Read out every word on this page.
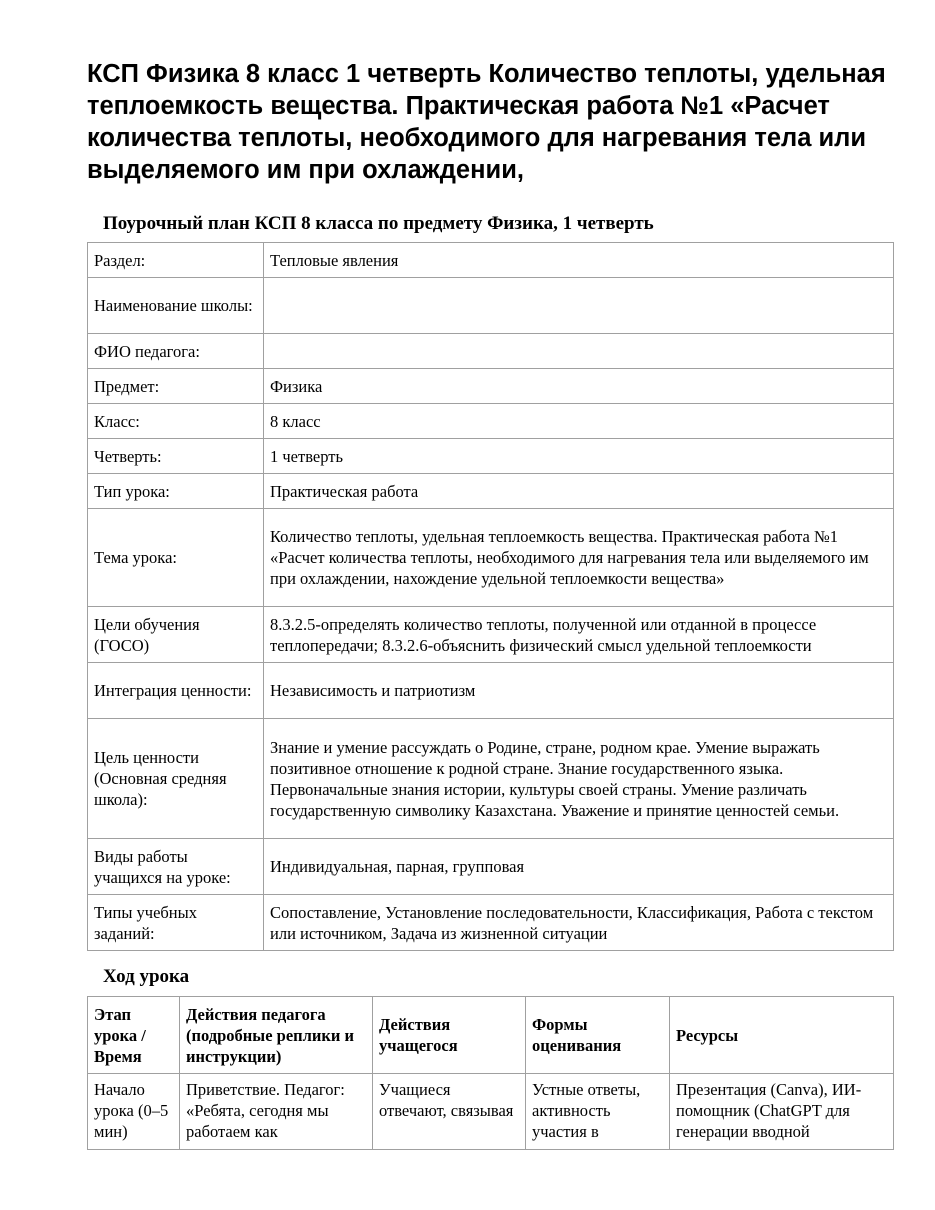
КСП Физика 8 класс 1 четверть Количество теплоты, удельная теплоемкость вещества. Практическая работа №1 «Расчет количества теплоты, необходимого для нагревания тела или выделяемого им при охлаждении,
Поурочный план КСП 8 класса по предмету Физика, 1 четверть
Раздел:	Тепловые явления
Наименование школы:	
ФИО педагога:	
Предмет:	Физика
Класс:	8 класс
Четверть:	1 четверть
Тип урока:	Практическая работа
Тема урока:	Количество теплоты, удельная теплоемкость вещества. Практическая работа №1 «Расчет количества теплоты, необходимого для нагревания тела или выделяемого им при охлаждении, нахождение удельной теплоемкости вещества»
Цели обучения (ГОСО)	8.3.2.5-определять количество теплоты, полученной или отданной в процессе теплопередачи; 8.3.2.6-объяснить физический смысл удельной теплоемкости
Интеграция ценности:	Независимость и патриотизм
Цель ценности (Основная средняя школа):	Знание и умение рассуждать о Родине, стране, родном крае. Умение выражать позитивное отношение к родной стране. Знание государственного языка. Первоначальные знания истории, культуры своей страны. Умение различать государственную символику Казахстана. Уважение и принятие ценностей семьи.
Виды работы учащихся на уроке:	Индивидуальная, парная, групповая
Типы учебных заданий:	Сопоставление, Установление последовательности, Классификация, Работа с текстом или источником, Задача из жизненной ситуации
Ход урока
Этап урока / Время	Действия педагога (подробные реплики и инструкции)	Действия учащегося	Формы оценивания	Ресурсы
Начало урока (0–5 мин)	Приветствие. Педагог: «Ребята, сегодня мы работаем как	Учащиеся отвечают, связывая	Устные ответы, активность участия в	Презентация (Canva), ИИ-помощник (ChatGPT для генерации вводной
